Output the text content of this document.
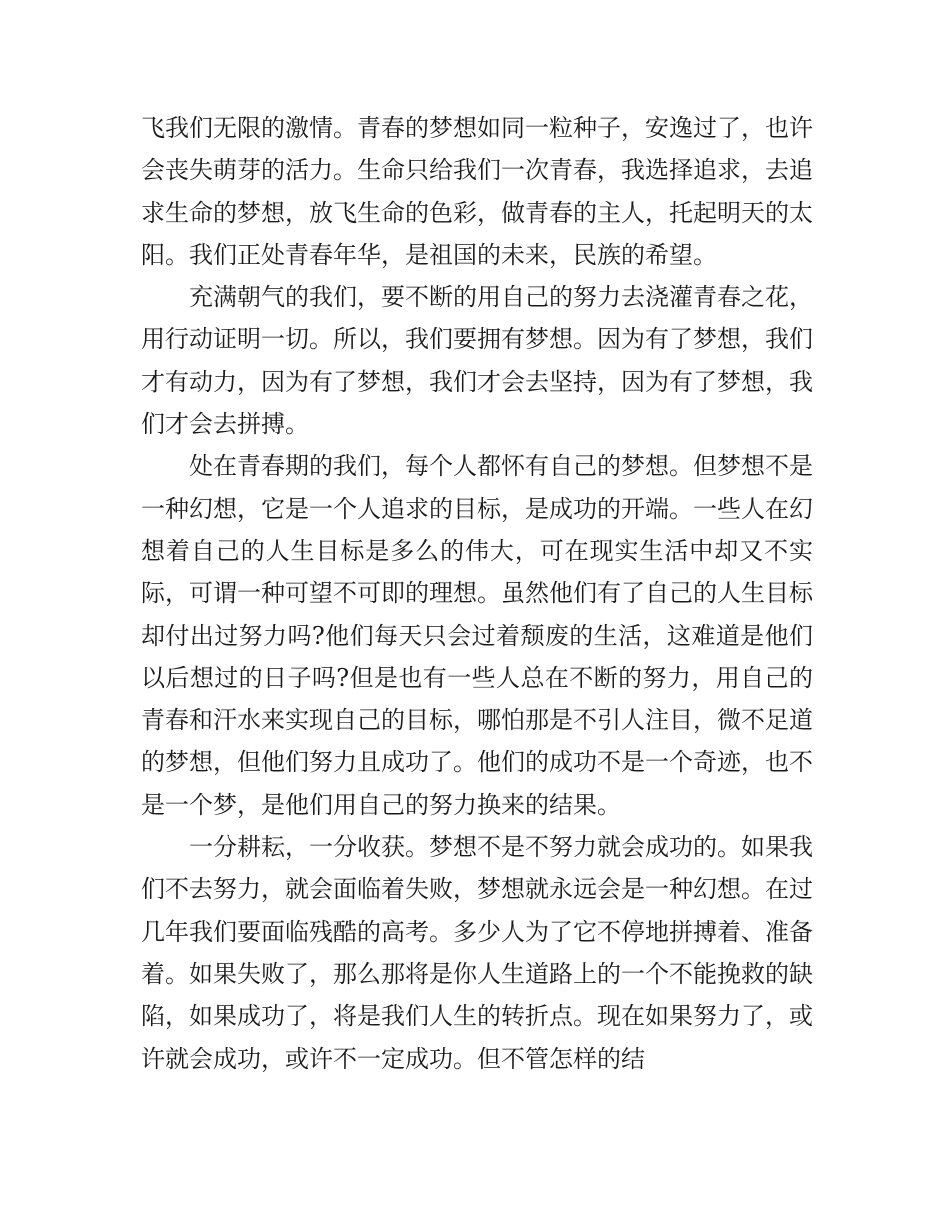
飞我们无限的激情。青春的梦想如同一粒种子，安逸过了，也许会丧失萌芽的活力。生命只给我们一次青春，我选择追求，去追求生命的梦想，放飞生命的色彩，做青春的主人，托起明天的太阳。我们正处青春年华，是祖国的未来，民族的希望。

充满朝气的我们，要不断的用自己的努力去浇灌青春之花，用行动证明一切。所以，我们要拥有梦想。因为有了梦想，我们才有动力，因为有了梦想，我们才会去坚持，因为有了梦想，我们才会去拼搏。

处在青春期的我们，每个人都怀有自己的梦想。但梦想不是一种幻想，它是一个人追求的目标，是成功的开端。一些人在幻想着自己的人生目标是多么的伟大，可在现实生活中却又不实际，可谓一种可望不可即的理想。虽然他们有了自己的人生目标却付出过努力吗?他们每天只会过着颓废的生活，这难道是他们以后想过的日子吗?但是也有一些人总在不断的努力，用自己的青春和汗水来实现自己的目标，哪怕那是不引人注目，微不足道的梦想，但他们努力且成功了。他们的成功不是一个奇迹，也不是一个梦，是他们用自己的努力换来的结果。

一分耕耘，一分收获。梦想不是不努力就会成功的。如果我们不去努力，就会面临着失败，梦想就永远会是一种幻想。在过几年我们要面临残酷的高考。多少人为了它不停地拼搏着、准备着。如果失败了，那么那将是你人生道路上的一个不能挽救的缺陷，如果成功了，将是我们人生的转折点。现在如果努力了，或许就会成功，或许不一定成功。但不管怎样的结
